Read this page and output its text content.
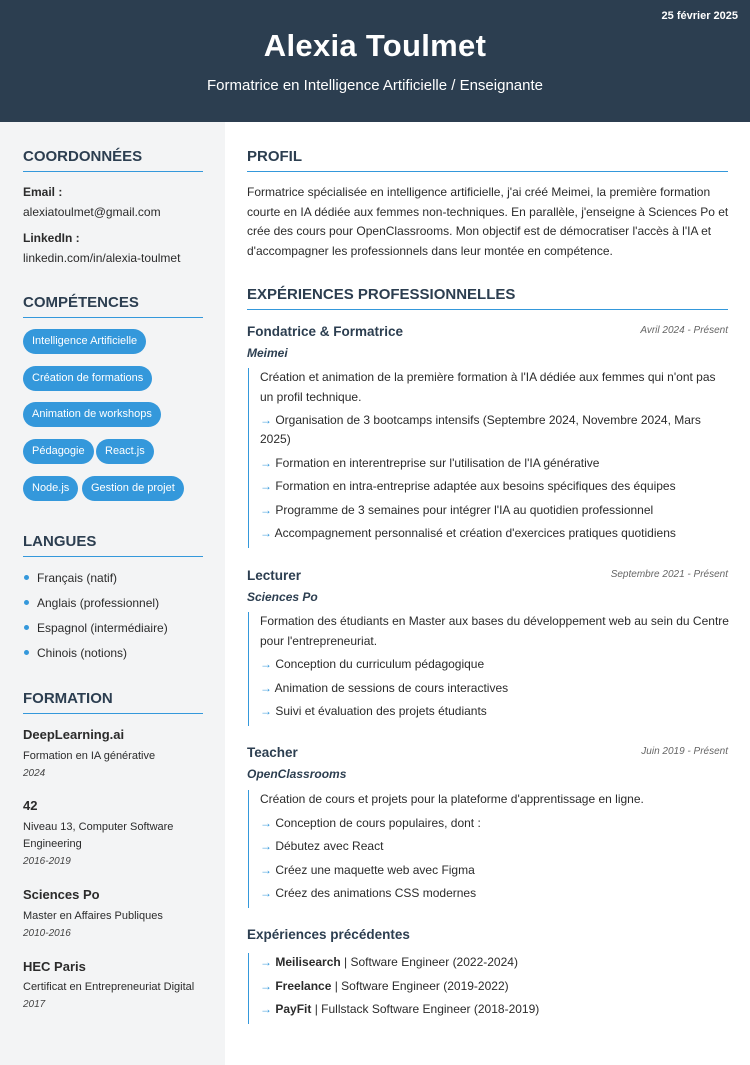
25 février 2025
Alexia Toulmet
Formatrice en Intelligence Artificielle / Enseignante
COORDONNÉES
Email :
alexiatoulmet@gmail.com
LinkedIn :
linkedin.com/in/alexia-toulmet
COMPÉTENCES
Intelligence Artificielle
Création de formations
Animation de workshops
Pédagogie	React.js
Node.js	Gestion de projet
LANGUES
Français (natif)
Anglais (professionnel)
Espagnol (intermédiaire)
Chinois (notions)
FORMATION
DeepLearning.ai
Formation en IA générative
2024
42
Niveau 13, Computer Software Engineering
2016-2019
Sciences Po
Master en Affaires Publiques
2010-2016
HEC Paris
Certificat en Entrepreneuriat Digital
2017
PROFIL
Formatrice spécialisée en intelligence artificielle, j'ai créé Meimei, la première formation courte en IA dédiée aux femmes non-techniques. En parallèle, j'enseigne à Sciences Po et crée des cours pour OpenClassrooms. Mon objectif est de démocratiser l'accès à l'IA et d'accompagner les professionnels dans leur montée en compétence.
EXPÉRIENCES PROFESSIONNELLES
Fondatrice & Formatrice	Avril 2024 - Présent
Meimei
Création et animation de la première formation à l'IA dédiée aux femmes qui n'ont pas un profil technique.
→ Organisation de 3 bootcamps intensifs (Septembre 2024, Novembre 2024, Mars 2025)
→ Formation en interentreprise sur l'utilisation de l'IA générative
→ Formation en intra-entreprise adaptée aux besoins spécifiques des équipes
→ Programme de 3 semaines pour intégrer l'IA au quotidien professionnel
→ Accompagnement personnalisé et création d'exercices pratiques quotidiens
Lecturer	Septembre 2021 - Présent
Sciences Po
Formation des étudiants en Master aux bases du développement web au sein du Centre pour l'entrepreneuriat.
→ Conception du curriculum pédagogique
→ Animation de sessions de cours interactives
→ Suivi et évaluation des projets étudiants
Teacher	Juin 2019 - Présent
OpenClassrooms
Création de cours et projets pour la plateforme d'apprentissage en ligne.
→ Conception de cours populaires, dont :
→ Débutez avec React
→ Créez une maquette web avec Figma
→ Créez des animations CSS modernes
Expériences précédentes
→ Meilisearch | Software Engineer (2022-2024)
→ Freelance | Software Engineer (2019-2022)
→ PayFit | Fullstack Software Engineer (2018-2019)
